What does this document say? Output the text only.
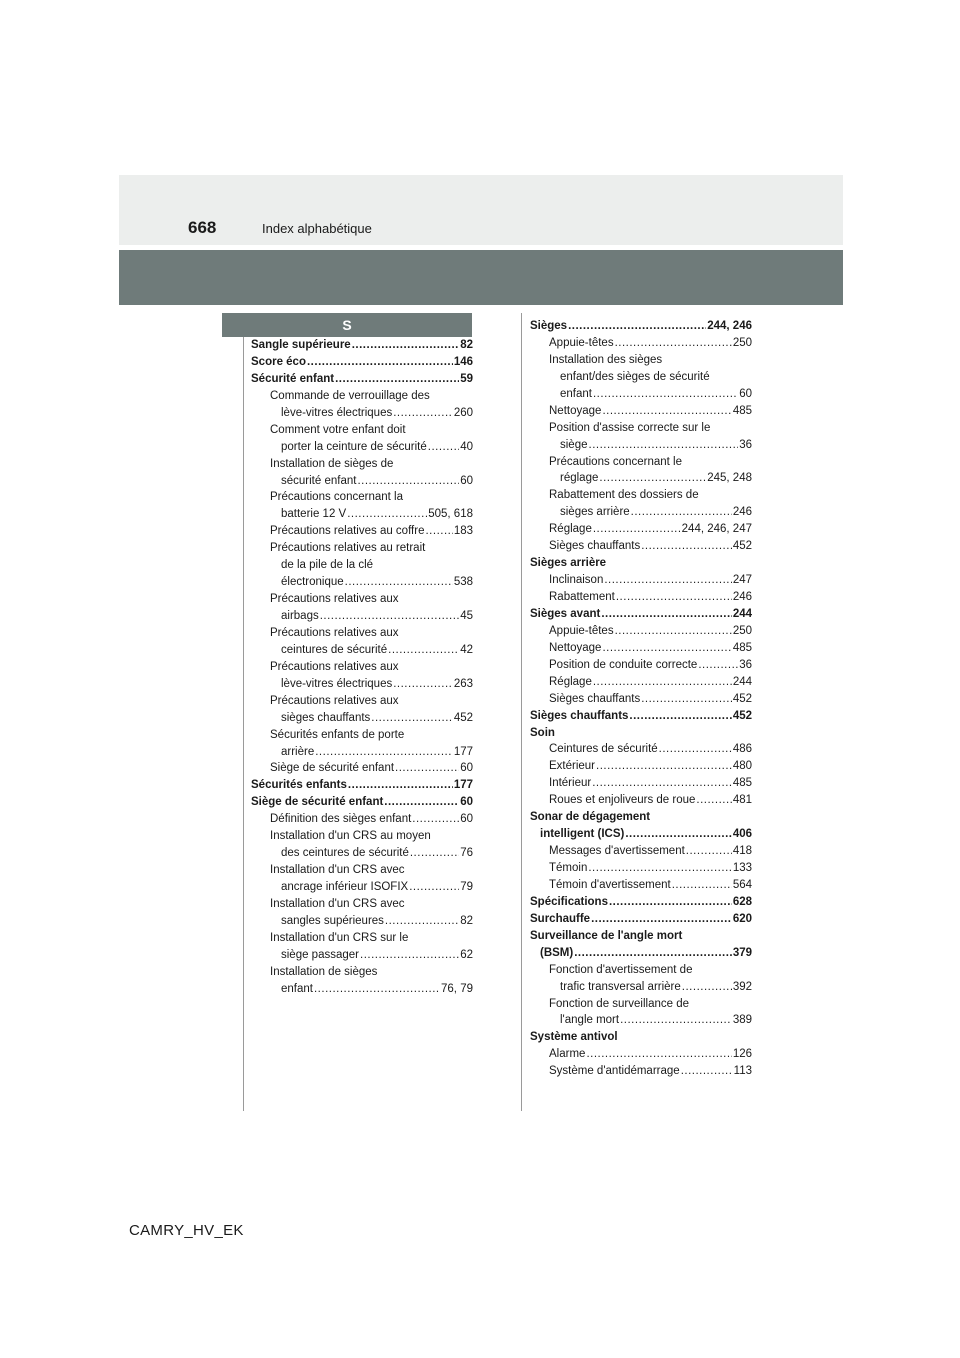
668	Index alphabétique
S
Sangle supérieure .....	82
Score éco .....	146
Sécurité enfant .....	59
Commande de verrouillage des
lève-vitres électriques .....	260
Comment votre enfant doit
porter la ceinture de sécurité .....	40
Installation de sièges de
sécurité enfant .....	60
Précautions concernant la
batterie 12 V .....	505, 618
Précautions relatives au coffre .....	183
Précautions relatives au retrait
de la pile de la clé
électronique .....	538
Précautions relatives aux
airbags .....	45
Précautions relatives aux
ceintures de sécurité .....	42
Précautions relatives aux
lève-vitres électriques .....	263
Précautions relatives aux
sièges chauffants .....	452
Sécurités enfants de porte
arrière .....	177
Siège de sécurité enfant .....	60
Sécurités enfants .....	177
Siège de sécurité enfant .....	60
Définition des sièges enfant .....	60
Installation d'un CRS au moyen
des ceintures de sécurité .....	76
Installation d'un CRS avec
ancrage inférieur ISOFIX .....	79
Installation d'un CRS avec
sangles supérieures .....	82
Installation d'un CRS sur le
siège passager .....	62
Installation de sièges
enfant .....	76, 79
Sièges .....	244, 246
Appuie-têtes .....	250
Installation des sièges
enfant/des sièges de sécurité
enfant .....	60
Nettoyage .....	485
Position d'assise correcte sur le
siège .....	36
Précautions concernant le
réglage .....	245, 248
Rabattement des dossiers de
sièges arrière .....	246
Réglage .....	244, 246, 247
Sièges chauffants .....	452
Sièges arrière
Inclinaison .....	247
Rabattement .....	246
Sièges avant .....	244
Appuie-têtes .....	250
Nettoyage .....	485
Position de conduite correcte .....	36
Réglage .....	244
Sièges chauffants .....	452
Sièges chauffants .....	452
Soin
Ceintures de sécurité .....	486
Extérieur .....	480
Intérieur .....	485
Roues et enjoliveurs de roue .....	481
Sonar de dégagement
intelligent (ICS) .....	406
Messages d'avertissement .....	418
Témoin .....	133
Témoin d'avertissement .....	564
Spécifications .....	628
Surchauffe .....	620
Surveillance de l'angle mort
(BSM) .....	379
Fonction d'avertissement de
trafic transversal arrière .....	392
Fonction de surveillance de
l'angle mort .....	389
Système antivol
Alarme .....	126
Système d'antidémarrage .....	113
CAMRY_HV_EK
